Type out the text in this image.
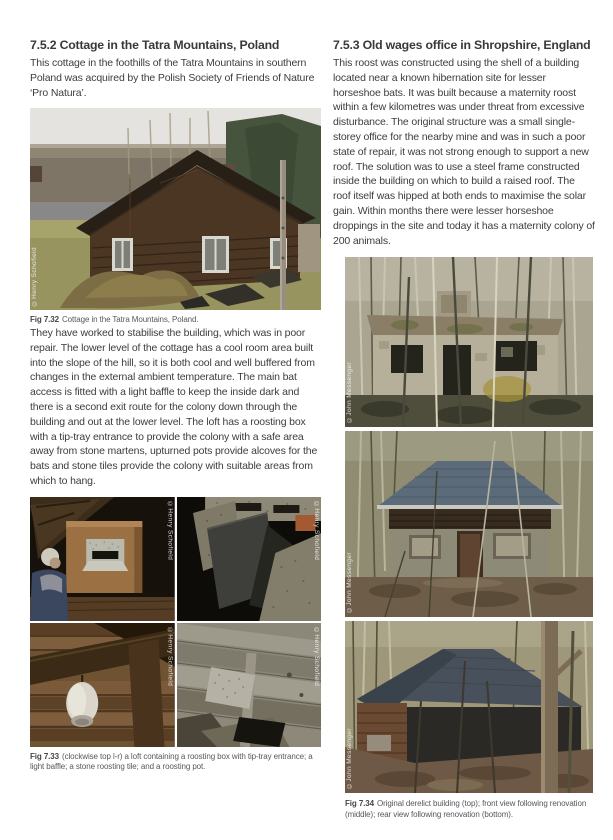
7.5.2 Cottage in the Tatra Mountains, Poland

This cottage in the foothills of the Tatra Mountains in southern Poland was acquired by the Polish Society of Friends of Nature ‘Pro Natura’.

©Henry Schofield

Fig 7.32 Cottage in the Tatra Mountains, Poland.

They have worked to stabilise the building, which was in poor repair. The lower level of the cottage has a cool room area built into the slope of the hill, so it is both cool and well buffered from changes in the external ambient temperature. The main bat access is fitted with a light baffle to keep the inside dark and there is a second exit route for the colony down through the building and out at the lower level. The loft has a roosting box with a tip-tray entrance to provide the colony with a safe area away from stone martens, upturned pots provide alcoves for the bats and stone tiles provide the colony with suitable areas from which to hang.

©Henry Schofield	©Henry Schofield
©Henry Schofield	©Henry Schofield

Fig 7.33 (clockwise top l-r) a loft containing a roosting box with tip-tray entrance; a light baffle; a stone roosting tile; and a roosting pot.

7.5.3 Old wages office in Shropshire, England

This roost was constructed using the shell of a building located near a known hibernation site for lesser horseshoe bats. It was built because a maternity roost within a few kilometres was under threat from excessive disturbance. The original structure was a small single-storey office for the nearby mine and was in such a poor state of repair, it was not strong enough to support a new roof. The solution was to use a steel frame constructed inside the building on which to build a raised roof. The roof itself was hipped at both ends to maximise the solar gain. Within months there were lesser horseshoe droppings in the site and today it has a maternity colony of 200 animals.

©John Messenger
©John Messenger
©John Messenger

Fig 7.34 Original derelict building (top); front view following renovation (middle); rear view following renovation (bottom).
